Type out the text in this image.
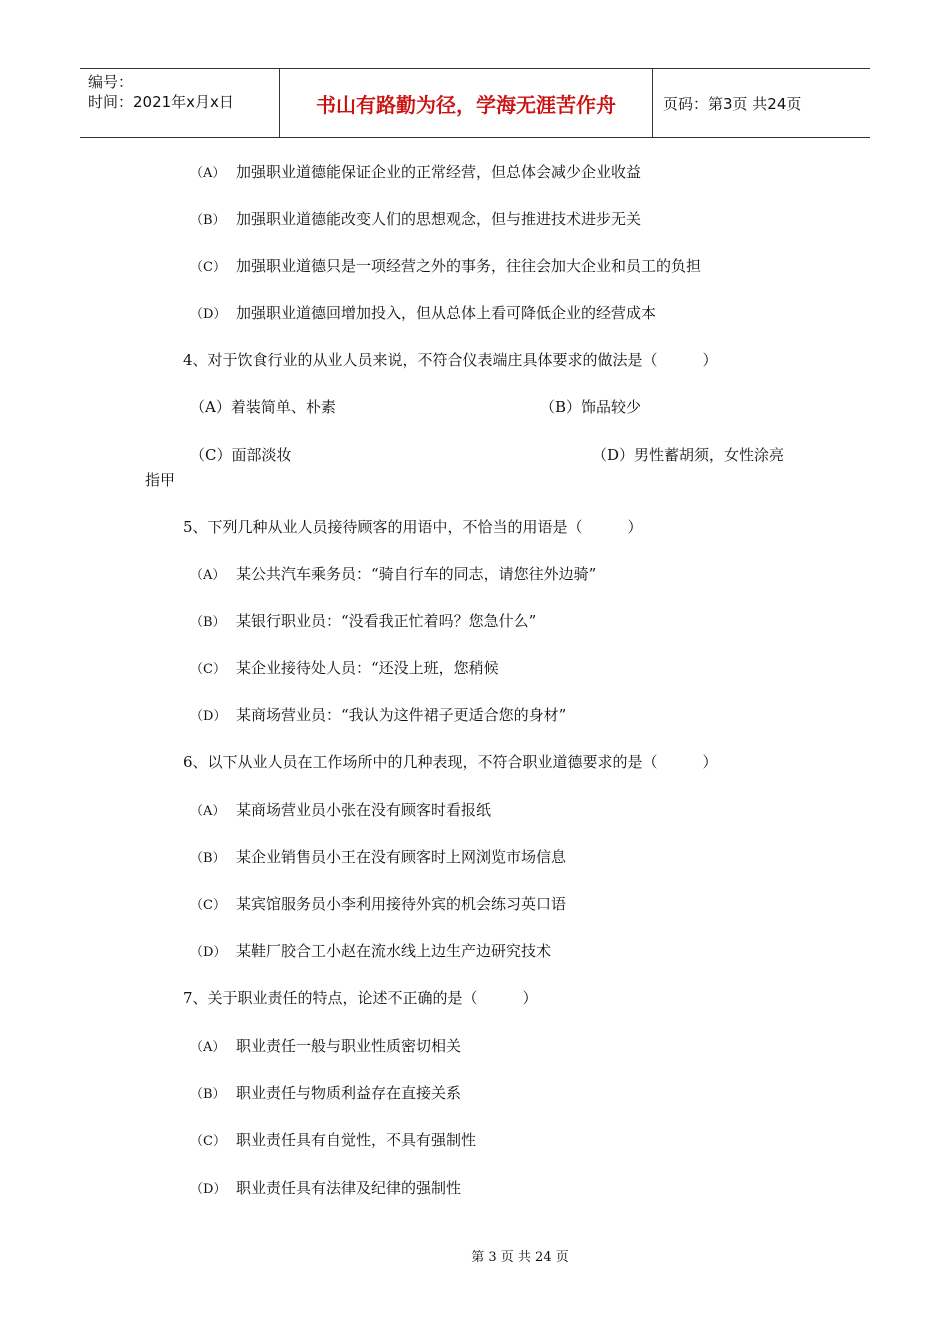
编号：
时间：2021年x月x日	书山有路勤为径，学海无涯苦作舟	页码：第3页 共24页
（A） 加强职业道德能保证企业的正常经营，但总体会减少企业收益
（B） 加强职业道德能改变人们的思想观念，但与推进技术进步无关
（C） 加强职业道德只是一项经营之外的事务，往往会加大企业和员工的负担
（D） 加强职业道德回增加投入，但从总体上看可降低企业的经营成本
4、对于饮食行业的从业人员来说，不符合仪表端庄具体要求的做法是（　　　）
（A）着装简单、朴素	（B）饰品较少
（C）面部淡妆	（D）男性蓄胡须，女性涂亮
指甲
5、下列几种从业人员接待顾客的用语中，不恰当的用语是（　　　）
（A） 某公共汽车乘务员：“骑自行车的同志，请您往外边骑”
（B） 某银行职业员：“没看我正忙着吗？您急什么”
（C） 某企业接待处人员：“还没上班，您稍候
（D） 某商场营业员：“我认为这件裙子更适合您的身材”
6、以下从业人员在工作场所中的几种表现，不符合职业道德要求的是（　　　）
（A） 某商场营业员小张在没有顾客时看报纸
（B） 某企业销售员小王在没有顾客时上网浏览市场信息
（C） 某宾馆服务员小李利用接待外宾的机会练习英口语
（D） 某鞋厂胶合工小赵在流水线上边生产边研究技术
7、关于职业责任的特点，论述不正确的是（　　　）
（A） 职业责任一般与职业性质密切相关
（B） 职业责任与物质利益存在直接关系
（C） 职业责任具有自觉性，不具有强制性
（D） 职业责任具有法律及纪律的强制性
第 3 页 共 24 页
